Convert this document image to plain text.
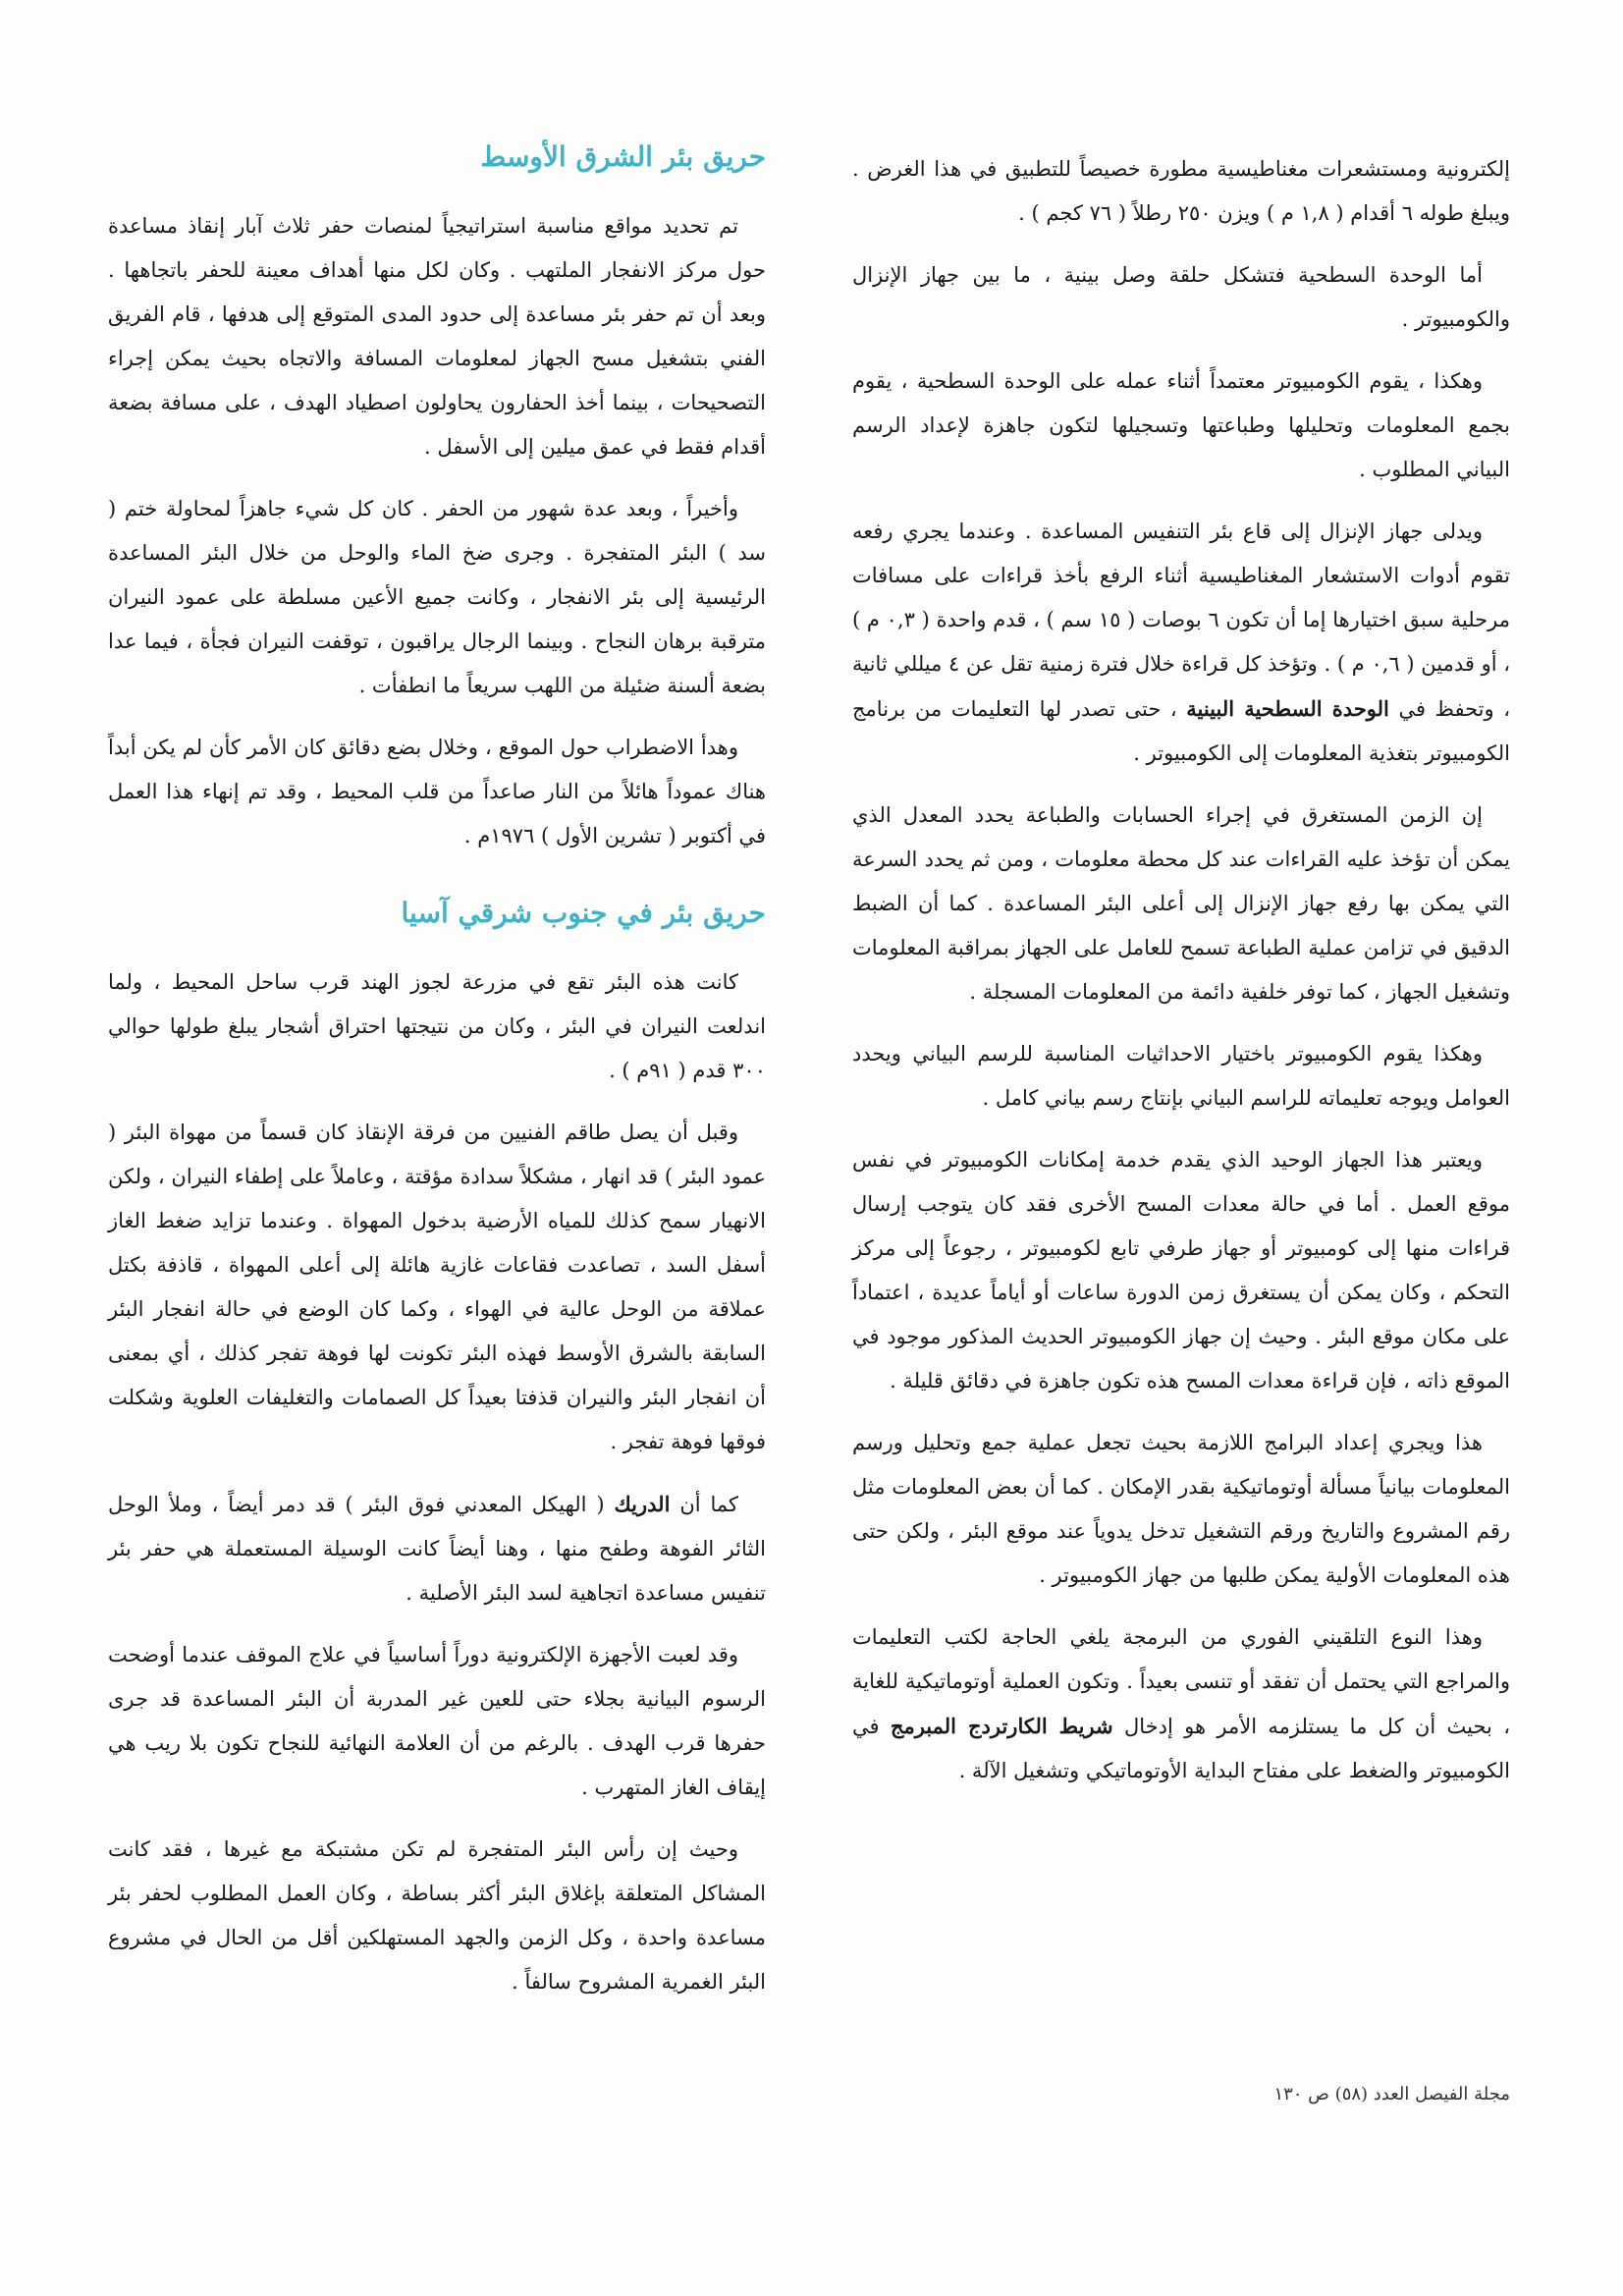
إلكترونية ومستشعرات مغناطيسية مطورة خصيصاً للتطبيق في هذا الغرض . ويبلغ طوله ٦ أقدام ( ١,٨ م ) ويزن ٢٥٠ رطلاً ( ٧٦ كجم ) .

أما الوحدة السطحية فتشكل حلقة وصل بينية ، ما بين جهاز الإنزال والكومبيوتر .

وهكذا ، يقوم الكومبيوتر معتمداً أثناء عمله على الوحدة السطحية ، يقوم بجمع المعلومات وتحليلها وطباعتها وتسجيلها لتكون جاهزة لإعداد الرسم البياني المطلوب .

ويدلى جهاز الإنزال إلى قاع بئر التنفيس المساعدة . وعندما يجري رفعه تقوم أدوات الاستشعار المغناطيسية أثناء الرفع بأخذ قراءات على مسافات مرحلية سبق اختيارها إما أن تكون ٦ بوصات ( ١٥ سم ) ، قدم واحدة ( ٠,٣ م ) ، أو قدمين ( ٠,٦ م ) . وتؤخذ كل قراءة خلال فترة زمنية تقل عن ٤ ميللي ثانية ، وتحفظ في الوحدة السطحية البينية ، حتى تصدر لها التعليمات من برنامج الكومبيوتر بتغذية المعلومات إلى الكومبيوتر .

إن الزمن المستغرق في إجراء الحسابات والطباعة يحدد المعدل الذي يمكن أن تؤخذ عليه القراءات عند كل محطة معلومات ، ومن ثم يحدد السرعة التي يمكن بها رفع جهاز الإنزال إلى أعلى البئر المساعدة . كما أن الضبط الدقيق في تزامن عملية الطباعة تسمح للعامل على الجهاز بمراقبة المعلومات وتشغيل الجهاز ، كما توفر خلفية دائمة من المعلومات المسجلة .

وهكذا يقوم الكومبيوتر باختيار الاحداثيات المناسبة للرسم البياني ويحدد العوامل ويوجه تعليماته للراسم البياني بإنتاج رسم بياني كامل .

ويعتبر هذا الجهاز الوحيد الذي يقدم خدمة إمكانات الكومبيوتر في نفس موقع العمل . أما في حالة معدات المسح الأخرى فقد كان يتوجب إرسال قراءات منها إلى كومبيوتر أو جهاز طرفي تابع لكومبيوتر ، رجوعاً إلى مركز التحكم ، وكان يمكن أن يستغرق زمن الدورة ساعات أو أياماً عديدة ، اعتماداً على مكان موقع البئر . وحيث إن جهاز الكومبيوتر الحديث المذكور موجود في الموقع ذاته ، فإن قراءة معدات المسح هذه تكون جاهزة في دقائق قليلة .

هذا ويجري إعداد البرامج اللازمة بحيث تجعل عملية جمع وتحليل ورسم المعلومات بيانياً مسألة أوتوماتيكية بقدر الإمكان . كما أن بعض المعلومات مثل رقم المشروع والتاريخ ورقم التشغيل تدخل يدوياً عند موقع البئر ، ولكن حتى هذه المعلومات الأولية يمكن طلبها من جهاز الكومبيوتر .

وهذا النوع التلقيني الفوري من البرمجة يلغي الحاجة لكتب التعليمات والمراجع التي يحتمل أن تفقد أو تنسى بعيداً . وتكون العملية أوتوماتيكية للغاية ، بحيث أن كل ما يستلزمه الأمر هو إدخال شريط الكارتردج المبرمج في الكومبيوتر والضغط على مفتاح البداية الأوتوماتيكي وتشغيل الآلة .

حريق بئر الشرق الأوسط

تم تحديد مواقع مناسبة استراتيجياً لمنصات حفر ثلاث آبار إنقاذ مساعدة حول مركز الانفجار الملتهب . وكان لكل منها أهداف معينة للحفر باتجاهها . وبعد أن تم حفر بئر مساعدة إلى حدود المدى المتوقع إلى هدفها ، قام الفريق الفني بتشغيل مسح الجهاز لمعلومات المسافة والاتجاه بحيث يمكن إجراء التصحيحات ، بينما أخذ الحفارون يحاولون اصطياد الهدف ، على مسافة بضعة أقدام فقط في عمق ميلين إلى الأسفل .

وأخيراً ، وبعد عدة شهور من الحفر . كان كل شيء جاهزاً لمحاولة ختم ( سد ) البئر المتفجرة . وجرى ضخ الماء والوحل من خلال البئر المساعدة الرئيسية إلى بئر الانفجار ، وكانت جميع الأعين مسلطة على عمود النيران مترقبة برهان النجاح . وبينما الرجال يراقبون ، توقفت النيران فجأة ، فيما عدا بضعة ألسنة ضئيلة من اللهب سريعاً ما انطفأت .

وهدأ الاضطراب حول الموقع ، وخلال بضع دقائق كان الأمر كأن لم يكن أبداً هناك عموداً هائلاً من النار صاعداً من قلب المحيط ، وقد تم إنهاء هذا العمل في أكتوبر ( تشرين الأول ) ١٩٧٦م .

حريق بئر في جنوب شرقي آسيا

كانت هذه البئر تقع في مزرعة لجوز الهند قرب ساحل المحيط ، ولما اندلعت النيران في البئر ، وكان من نتيجتها احتراق أشجار يبلغ طولها حوالي ٣٠٠ قدم ( ٩١م ) .

وقبل أن يصل طاقم الفنيين من فرقة الإنقاذ كان قسماً من مهواة البئر ( عمود البئر ) قد انهار ، مشكلاً سدادة مؤقتة ، وعاملاً على إطفاء النيران ، ولكن الانهيار سمح كذلك للمياه الأرضية بدخول المهواة . وعندما تزايد ضغط الغاز أسفل السد ، تصاعدت فقاعات غازية هائلة إلى أعلى المهواة ، قاذفة بكتل عملاقة من الوحل عالية في الهواء ، وكما كان الوضع في حالة انفجار البئر السابقة بالشرق الأوسط فهذه البئر تكونت لها فوهة تفجر كذلك ، أي بمعنى أن انفجار البئر والنيران قذفتا بعيداً كل الصمامات والتغليفات العلوية وشكلت فوقها فوهة تفجر .

كما أن الدريك ( الهيكل المعدني فوق البئر ) قد دمر أيضاً ، وملأ الوحل الثائر الفوهة وطفح منها ، وهنا أيضاً كانت الوسيلة المستعملة هي حفر بئر تنفيس مساعدة اتجاهية لسد البئر الأصلية .

وقد لعبت الأجهزة الإلكترونية دوراً أساسياً في علاج الموقف عندما أوضحت الرسوم البيانية بجلاء حتى للعين غير المدربة أن البئر المساعدة قد جرى حفرها قرب الهدف . بالرغم من أن العلامة النهائية للنجاح تكون بلا ريب هي إيقاف الغاز المتهرب .

وحيث إن رأس البئر المتفجرة لم تكن مشتبكة مع غيرها ، فقد كانت المشاكل المتعلقة بإغلاق البئر أكثر بساطة ، وكان العمل المطلوب لحفر بئر مساعدة واحدة ، وكل الزمن والجهد المستهلكين أقل من الحال في مشروع البئر الغمرية المشروح سالفاً .

مجلة الفيصل العدد (٥٨) ص ١٣٠
